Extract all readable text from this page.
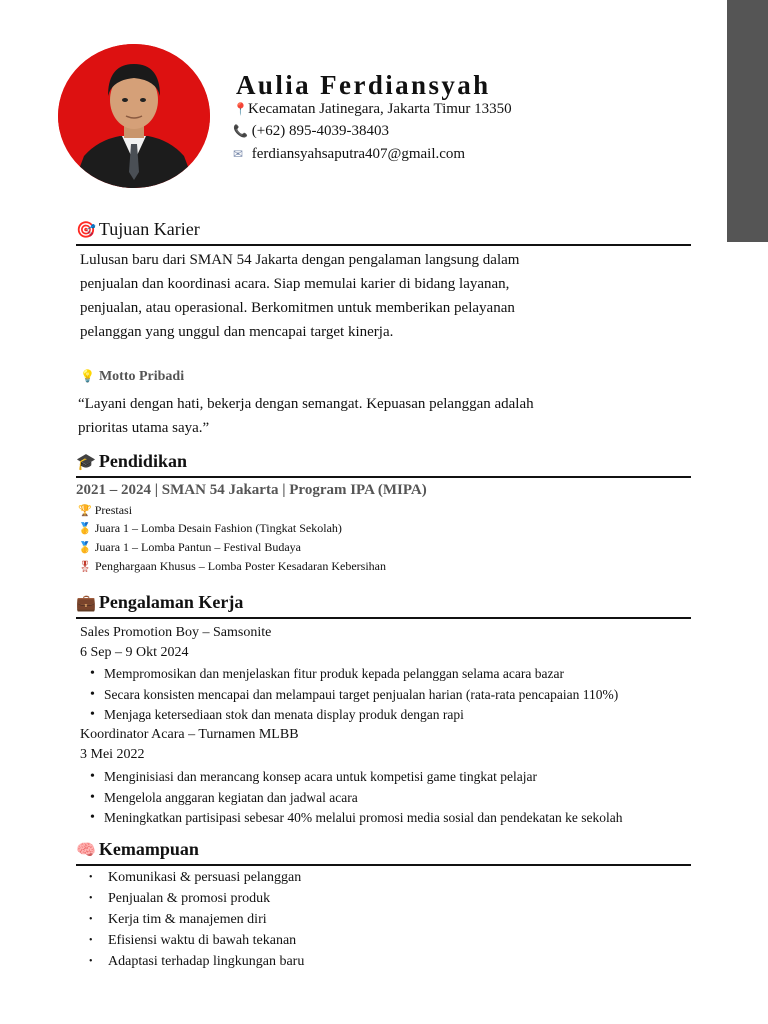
Aulia Ferdiansyah
📍Kecamatan Jatinegara, Jakarta Timur 13350
📞 (+62) 895-4039-38403
✉ ferdiansyahsaputra407@gmail.com
🎯 Tujuan Karier
Lulusan baru dari SMAN 54 Jakarta dengan pengalaman langsung dalam
penjualan dan koordinasi acara. Siap memulai karier di bidang layanan,
penjualan, atau operasional. Berkomitmen untuk memberikan pelayanan
pelanggan yang unggul dan mencapai target kinerja.
💡 Motto Pribadi
“Layani dengan hati, bekerja dengan semangat. Kepuasan pelanggan adalah
prioritas utama saya.”
🎓 Pendidikan
2021 – 2024 | SMAN 54 Jakarta | Program IPA (MIPA)
🏆 Prestasi
🥇 Juara 1 – Lomba Desain Fashion (Tingkat Sekolah)
🥇 Juara 1 – Lomba Pantun – Festival Budaya
🎖 Penghargaan Khusus – Lomba Poster Kesadaran Kebersihan
💼 Pengalaman Kerja
Sales Promotion Boy – Samsonite
6 Sep – 9 Okt 2024
• Mempromosikan dan menjelaskan fitur produk kepada pelanggan selama acara bazar
• Secara konsisten mencapai dan melampaui target penjualan harian (rata-rata pencapaian 110%)
• Menjaga ketersediaan stok dan menata display produk dengan rapi
Koordinator Acara – Turnamen MLBB
3 Mei 2022
• Menginisiasi dan merancang konsep acara untuk kompetisi game tingkat pelajar
• Mengelola anggaran kegiatan dan jadwal acara
• Meningkatkan partisipasi sebesar 40% melalui promosi media sosial dan pendekatan ke sekolah
🧠 Kemampuan
• Komunikasi & persuasi pelanggan
• Penjualan & promosi produk
• Kerja tim & manajemen diri
• Efisiensi waktu di bawah tekanan
• Adaptasi terhadap lingkungan baru
